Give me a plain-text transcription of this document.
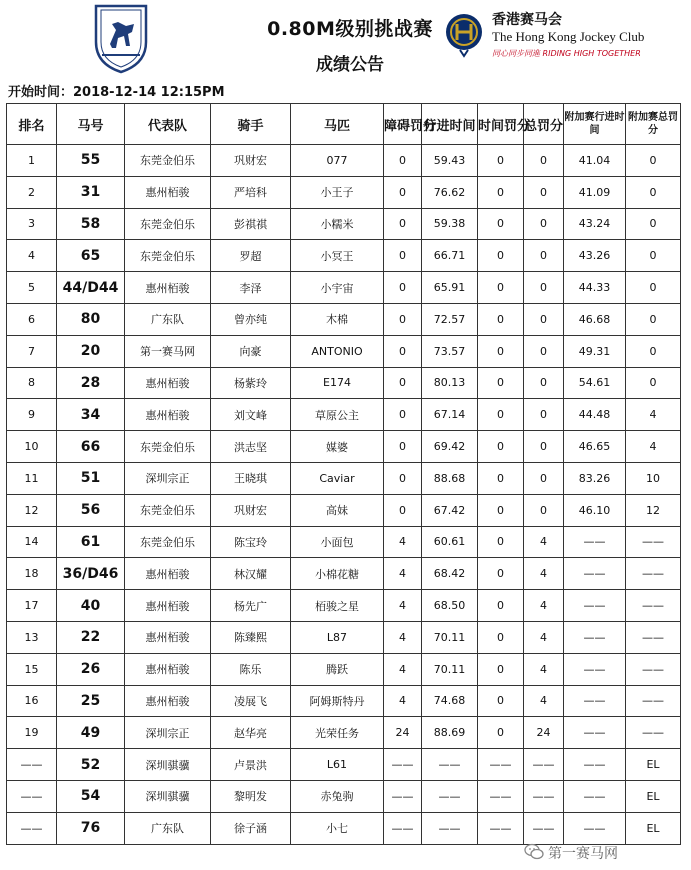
0.80M级别挑战赛
成绩公告
香港赛马会
The Hong Kong Jockey Club
同心同步同進 RIDING HIGH TOGETHER
开始时间：2018-12-14 12:15PM
排名	马号	代表队	骑手	马匹	障碍罚分	行进时间	时间罚分	总罚分	附加赛行进时间	附加赛总罚分
1	55	东莞金伯乐	巩财宏	077	0	59.43	0	0	41.04	0
2	31	惠州栢骏	严培科	小王子	0	76.62	0	0	41.09	0
3	58	东莞金伯乐	彭祺祺	小糯米	0	59.38	0	0	43.24	0
4	65	东莞金伯乐	罗超	小冥王	0	66.71	0	0	43.26	0
5	44/D44	惠州栢骏	李泽	小宇宙	0	65.91	0	0	44.33	0
6	80	广东队	曾亦纯	木棉	0	72.57	0	0	46.68	0
7	20	第一赛马网	向豪	ANTONIO	0	73.57	0	0	49.31	0
8	28	惠州栢骏	杨紫玲	E174	0	80.13	0	0	54.61	0
9	34	惠州栢骏	刘文峰	草原公主	0	67.14	0	0	44.48	4
10	66	东莞金伯乐	洪志坚	媒婆	0	69.42	0	0	46.65	4
11	51	深圳宗正	王晓琪	Caviar	0	88.68	0	0	83.26	10
12	56	东莞金伯乐	巩财宏	高妹	0	67.42	0	0	46.10	12
14	61	东莞金伯乐	陈宝玲	小面包	4	60.61	0	4	——	——
18	36/D46	惠州栢骏	林汉耀	小棉花糖	4	68.42	0	4	——	——
17	40	惠州栢骏	杨先广	栢骏之星	4	68.50	0	4	——	——
13	22	惠州栢骏	陈臻熙	L87	4	70.11	0	4	——	——
15	26	惠州栢骏	陈乐	腾跃	4	70.11	0	4	——	——
16	25	惠州栢骏	凌展飞	阿姆斯特丹	4	74.68	0	4	——	——
19	49	深圳宗正	赵华亮	光荣任务	24	88.69	0	24	——	——
——	52	深圳骐骥	卢景洪	L61	——	——	——	——	——	EL
——	54	深圳骐骥	黎明发	赤兔驹	——	——	——	——	——	EL
——	76	广东队	徐子涵	小七	——	——	——	——	——	EL
第一赛马网
